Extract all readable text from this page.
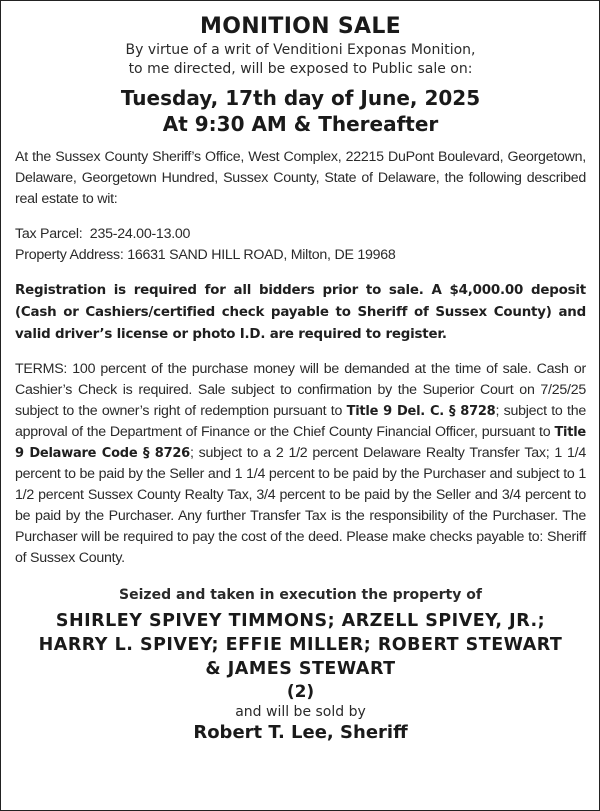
MONITION SALE
By virtue of a writ of Venditioni Exponas Monition,
to me directed, will be exposed to Public sale on:
Tuesday, 17th day of June, 2025
At 9:30 AM & Thereafter
At the Sussex County Sheriff’s Office, West Complex, 22215 DuPont Boulevard, Georgetown, Delaware, Georgetown Hundred, Sussex County, State of Delaware, the following described real estate to wit:
Tax Parcel:  235-24.00-13.00
Property Address: 16631 SAND HILL ROAD, Milton, DE 19968
Registration is required for all bidders prior to sale. A $4,000.00 deposit (Cash or Cashiers/certified check payable to Sheriff of Sussex County) and valid driver’s license or photo I.D. are required to register.
TERMS: 100 percent of the purchase money will be demanded at the time of sale. Cash or Cashier’s Check is required. Sale subject to confirmation by the Superior Court on 7/25/25 subject to the owner’s right of redemption pursuant to Title 9 Del. C. § 8728; subject to the approval of the Department of Finance or the Chief County Financial Officer, pursuant to Title 9 Delaware Code § 8726; subject to a 2 1/2 percent Delaware Realty Transfer Tax; 1 1/4 percent to be paid by the Seller and 1 1/4 percent to be paid by the Purchaser and subject to 1 1/2 percent Sussex County Realty Tax, 3/4 percent to be paid by the Seller and 3/4 percent to be paid by the Purchaser. Any further Transfer Tax is the responsibility of the Purchaser. The Purchaser will be required to pay the cost of the deed. Please make checks payable to: Sheriff of Sussex County.
Seized and taken in execution the property of
SHIRLEY SPIVEY TIMMONS; ARZELL SPIVEY, JR.;
HARRY L. SPIVEY; EFFIE MILLER; ROBERT STEWART
& JAMES STEWART
(2)
and will be sold by
Robert T. Lee, Sheriff
